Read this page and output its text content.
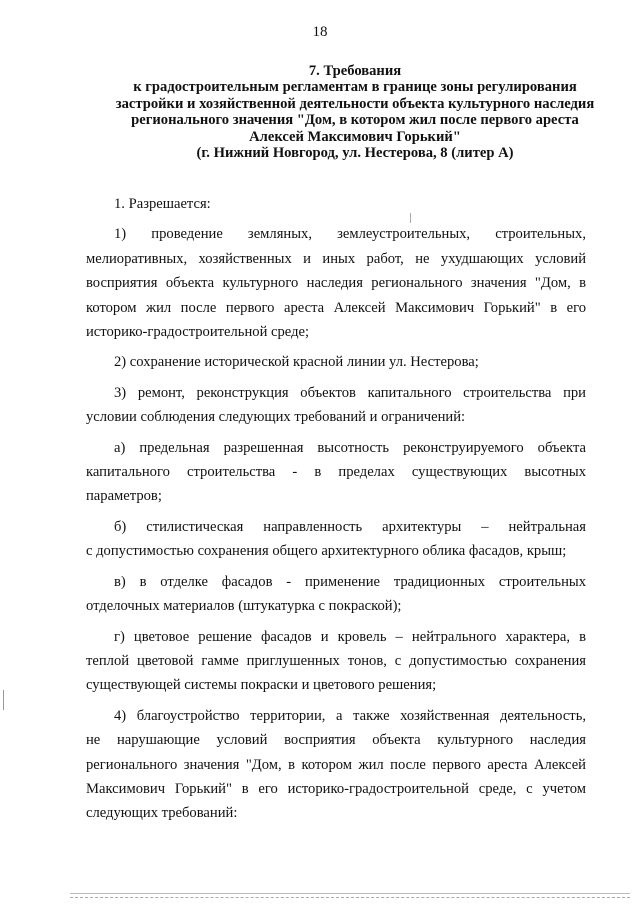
18
7. Требования
к градостроительным регламентам в границе зоны регулирования
застройки и хозяйственной деятельности объекта культурного наследия
регионального значения "Дом, в котором жил после первого ареста
Алексей Максимович Горький"
(г. Нижний Новгород, ул. Нестерова, 8 (литер А)
1. Разрешается:
1) проведение земляных, землеустроительных, строительных,
мелиоративных, хозяйственных и иных работ, не ухудшающих условий
восприятия объекта культурного наследия регионального значения "Дом, в
котором жил после первого ареста Алексей Максимович Горький" в его
историко-градостроительной среде;
2) сохранение исторической красной линии ул. Нестерова;
3) ремонт, реконструкция объектов капитального строительства при
условии соблюдения следующих требований и ограничений:
а) предельная разрешенная высотность реконструируемого объекта
капитального строительства - в пределах существующих высотных
параметров;
б) стилистическая направленность архитектуры – нейтральная
с допустимостью сохранения общего архитектурного облика фасадов, крыш;
в) в отделке фасадов - применение традиционных строительных
отделочных материалов (штукатурка с покраской);
г) цветовое решение фасадов и кровель – нейтрального характера, в
теплой цветовой гамме приглушенных тонов, с допустимостью сохранения
существующей системы покраски и цветового решения;
4) благоустройство территории, а также хозяйственная деятельность,
не нарушающие условий восприятия объекта культурного наследия
регионального значения "Дом, в котором жил после первого ареста Алексей
Максимович Горький" в его историко-градостроительной среде, с учетом
следующих требований:
